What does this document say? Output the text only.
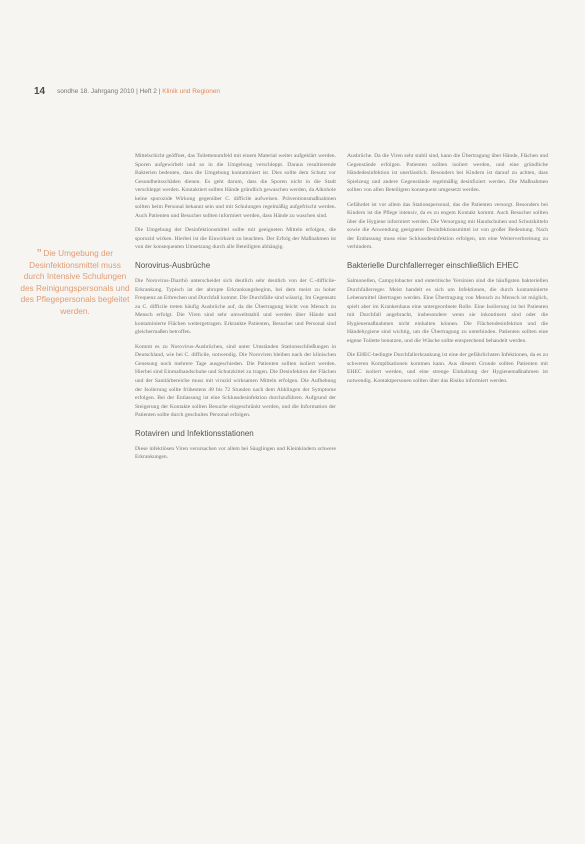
14 sondhe 18. Jahrgang 2010 | Heft 2 | Klinik und Regionen
” Die Umgebung der Desinfektionsmittel muss durch Intensive Schulungen des Reinigungspersonals und des Pflegepersonals begleitet werden.

Mittelschicht geöffnet, das Toilettenumfeld mit einem Material weiter aufgeklärt werden. Sporen aufgewirbelt und so in die Umgebung verschleppt. Daraus resultierende Bakterien bedeuten, dass die Umgebung kontaminiert ist. Dies sollte dem Schutz vor Gesundheitsschäden dienen. Es geht darum, dass die Sporen nicht in die Stadt verschleppt werden. Kontaktiert sollten Hände gründlich gewaschen werden, da Alkohole keine sporozide Wirkung gegenüber C. difficile aufweisen. Präventionsmaßnahmen sollten beim Personal bekannt sein und mit Schulungen regelmäßig aufgefrischt werden. Auch Patienten und Besucher sollten informiert werden, dass Hände zu waschen sind.

Die Umgebung der Desinfektionsmittel sollte mit geeigneten Mitteln erfolgen, die sporozid wirken. Hierbei ist die Einwirkzeit zu beachten. Der Erfolg der Maßnahmen ist von der konsequenten Umsetzung durch alle Beteiligten abhängig.

Norovirus-Ausbrüche

Die Norovirus-Diarrhö unterscheidet sich deutlich sehr deutlich von der C.-difficile-Erkrankung. Typisch ist der abrupte Erkrankungsbeginn, bei dem meist zu hoher Frequenz an Erbrechen und Durchfall kommt. Die Durchfälle sind wässrig. Im Gegensatz zu C. difficile treten häufig Ausbrüche auf, da die Übertragung leicht von Mensch zu Mensch erfolgt. Die Viren sind sehr umweltstabil und werden über Hände und kontaminierte Flächen weitergetragen. Erkrankte Patienten, Besucher und Personal sind gleichermaßen betroffen.

Kommt es zu Norovirus-Ausbrüchen, sind unter Umständen Stationsschließungen in Deutschland, wie bei C. difficile, notwendig. Die Noroviren bleiben nach der klinischen Genesung noch mehrere Tage ausgeschieden. Die Patienten sollten isoliert werden. Hierbei sind Einmalhandschuhe und Schutzkittel zu tragen. Die Desinfektion der Flächen und der Sanitärbereiche muss mit viruzid wirksamen Mitteln erfolgen. Die Aufhebung der Isolierung sollte frühestens 48 bis 72 Stunden nach dem Abklingen der Symptome erfolgen. Bei der Entlassung ist eine Schlussdesinfektion durchzuführen. Aufgrund der Steigerung der Kontakte sollten Besuche eingeschränkt werden, und die Information der Patienten sollte durch geschultes Personal erfolgen.

Rotaviren und Infektionsstationen

Diese infektiösen Viren verursachen vor allem bei Säuglingen und Kleinkindern schwere Erkrankungen.

Ausbrüche. Da die Viren sehr stabil sind, kann die Übertragung über Hände, Flächen und Gegenstände erfolgen. Patienten sollten isoliert werden, und eine gründliche Händedesinfektion ist unerlässlich. Besonders bei Kindern ist darauf zu achten, dass Spielzeug und andere Gegenstände regelmäßig desinfiziert werden. Die Maßnahmen sollten von allen Beteiligten konsequent umgesetzt werden.

Gefährdet ist vor allem das Stationspersonal, das die Patienten versorgt. Besonders bei Kindern ist die Pflege intensiv, da es zu engem Kontakt kommt. Auch Besucher sollten über die Hygiene informiert werden. Die Versorgung mit Handschuhen und Schutzkitteln sowie die Anwendung geeigneter Desinfektionsmittel ist von großer Bedeutung. Nach der Entlassung muss eine Schlussdesinfektion erfolgen, um eine Weiterverbreitung zu verhindern.

Bakterielle Durchfallerreger einschließlich EHEC

Salmonellen, Campylobacter und enteritische Yersinien sind die häufigsten bakteriellen Durchfallerreger. Meist handelt es sich um Infektionen, die durch kontaminierte Lebensmittel übertragen werden. Eine Übertragung von Mensch zu Mensch ist möglich, spielt aber im Krankenhaus eine untergeordnete Rolle. Eine Isolierung ist bei Patienten mit Durchfall angebracht, insbesondere wenn sie inkontinent sind oder die Hygienemaßnahmen nicht einhalten können. Die Flächendesinfektion und die Händehygiene sind wichtig, um die Übertragung zu unterbinden. Patienten sollten eine eigene Toilette benutzen, und die Wäsche sollte entsprechend behandelt werden.

Die EHEC-bedingte Durchfallerkrankung ist eine der gefährlichsten Infektionen, da es zu schweren Komplikationen kommen kann. Aus diesem Grunde sollten Patienten mit EHEC isoliert werden, und eine strenge Einhaltung der Hygienemaßnahmen ist notwendig. Kontaktpersonen sollten über das Risiko informiert werden.
